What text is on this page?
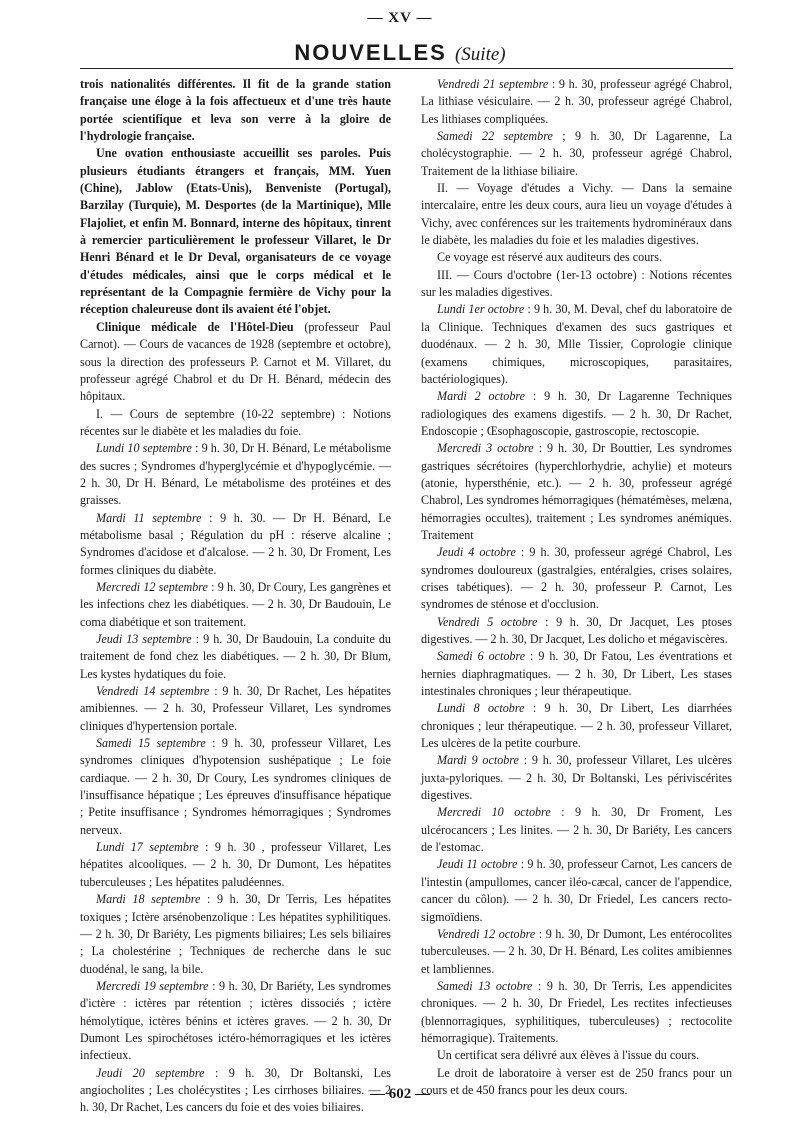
— XV —
NOUVELLES (Suite)

trois nationalités différentes. Il fit de la grande station française une éloge à la fois affectueux et d'une très haute portée scientifique et leva son verre à la gloire de l'hydrologie française.

Une ovation enthousiaste accueillit ses paroles. Puis plusieurs étudiants étrangers et français, MM. Yuen (Chine), Jablow (Etats-Unis), Benveniste (Portugal), Barzilay (Turquie), M. Desportes (de la Martinique), Mlle Flajoliet, et enfin M. Bonnard, interne des hôpitaux, tinrent à remercier particulièrement le professeur Villaret, le Dr Henri Bénard et le Dr Deval, organisateurs de ce voyage d'études médicales, ainsi que le corps médical et le représentant de la Compagnie fermière de Vichy pour la réception chaleureuse dont ils avaient été l'objet.

Clinique médicale de l'Hôtel-Dieu (professeur Paul Carnot). — Cours de vacances de 1928 (septembre et octobre), sous la direction des professeurs P. Carnot et M. Villaret, du professeur agrégé Chabrol et du Dr H. Bénard, médecin des hôpitaux.

I. — Cours de septembre (10-22 septembre) : Notions récentes sur le diabète et les maladies du foie.

Lundi 10 septembre : 9 h. 30, Dr H. Bénard, Le métabolisme des sucres ; Syndromes d'hyperglycémie et d'hypoglycémie. — 2 h. 30, Dr H. Bénard, Le métabolisme des protéines et des graisses.

Mardi 11 septembre : 9 h. 30. — Dr H. Bénard, Le métabolisme basal ; Régulation du pH : réserve alcaline ; Syndromes d'acidose et d'alcalose. — 2 h. 30, Dr Froment, Les formes cliniques du diabète.

Mercredi 12 septembre : 9 h. 30, Dr Coury, Les gangrènes et les infections chez les diabétiques. — 2 h. 30, Dr Baudouin, Le coma diabétique et son traitement.

Jeudi 13 septembre : 9 h. 30, Dr Baudouin, La conduite du traitement de fond chez les diabétiques. — 2 h. 30, Dr Blum, Les kystes hydatiques du foie.

Vendredi 14 septembre : 9 h. 30, Dr Rachet, Les hépatites amibiennes. — 2 h. 30, Professeur Villaret, Les syndromes cliniques d'hypertension portale.

Samedi 15 septembre : 9 h. 30, professeur Villaret, Les syndromes cliniques d'hypotension sushépatique ; Le foie cardiaque. — 2 h. 30, Dr Coury, Les syndromes cliniques de l'insuffisance hépatique ; Les épreuves d'insuffisance hépatique ; Petite insuffisance ; Syndromes hémorragiques ; Syndromes nerveux.

Lundi 17 septembre : 9 h. 30 , professeur Villaret, Les hépatites alcooliques. — 2 h. 30, Dr Dumont, Les hépatites tuberculeuses ; Les hépatites paludéennes.

Mardi 18 septembre : 9 h. 30, Dr Terris, Les hépatites toxiques ; Ictère arsénobenzolique : Les hépatites syphilitiques. — 2 h. 30, Dr Bariéty, Les pigments biliaires; Les sels biliaires ; La cholestérine ; Techniques de recherche dans le suc duodénal, le sang, la bile.

Mercredi 19 septembre : 9 h. 30, Dr Bariéty, Les syndromes d'ictère : ictères par rétention ; ictères dissociés ; ictère hémolytique, ictères bénins et ictères graves. — 2 h. 30, Dr Dumont Les spirochétoses ictéro-hémorragiques et les ictères infectieux.

Jeudi 20 septembre : 9 h. 30, Dr Boltanski, Les angiocholites ; Les cholécystites ; Les cirrhoses biliaires. — 2 h. 30, Dr Rachet, Les cancers du foie et des voies biliaires.

Vendredi 21 septembre : 9 h. 30, professeur agrégé Chabrol, La lithiase vésiculaire. — 2 h. 30, professeur agrégé Chabrol, Les lithiases compliquées.

Samedi 22 septembre ; 9 h. 30, Dr Lagarenne, La cholécystographie. — 2 h. 30, professeur agrégé Chabrol, Traitement de la lithiase biliaire.

II. — Voyage d'études a Vichy. — Dans la semaine intercalaire, entre les deux cours, aura lieu un voyage d'études à Vichy, avec conférences sur les traitements hydrominéraux dans le diabète, les maladies du foie et les maladies digestives.

Ce voyage est réservé aux auditeurs des cours.

III. — Cours d'octobre (1er-13 octobre) : Notions récentes sur les maladies digestives.

Lundi 1er octobre : 9 h. 30, M. Deval, chef du laboratoire de la Clinique. Techniques d'examen des sucs gastriques et duodénaux. — 2 h. 30, Mlle Tissier, Coprologie clinique (examens chimiques, microscopiques, parasitaires, bactériologiques).

Mardi 2 octobre : 9 h. 30, Dr Lagarenne Techniques radiologiques des examens digestifs. — 2 h. 30, Dr Rachet, Endoscopie ; Œsophagoscopie, gastroscopie, rectoscopie.

Mercredi 3 octobre : 9 h. 30, Dr Bouttier, Les syndromes gastriques sécrétoires (hyperchlorhydrie, achylie) et moteurs (atonie, hypersthénie, etc.). — 2 h. 30, professeur agrégé Chabrol, Les syndromes hémorragiques (hématémèses, melæna, hémorragies occultes), traitement ; Les syndromes anémiques. Traitement

Jeudi 4 octobre : 9 h. 30, professeur agrégé Chabrol, Les syndromes douloureux (gastralgies, entéralgies, crises solaires, crises tabétiques). — 2 h. 30, professeur P. Carnot, Les syndromes de sténose et d'occlusion.

Vendredi 5 octobre : 9 h. 30, Dr Jacquet, Les ptoses digestives. — 2 h. 30, Dr Jacquet, Les dolicho et mégaviscères.

Samedi 6 octobre : 9 h. 30, Dr Fatou, Les éventrations et hernies diaphragmatiques. — 2 h. 30, Dr Libert, Les stases intestinales chroniques ; leur thérapeutique.

Lundi 8 octobre : 9 h. 30, Dr Libert, Les diarrhées chroniques ; leur thérapeutique. — 2 h. 30, professeur Villaret, Les ulcères de la petite courbure.

Mardi 9 octobre : 9 h. 30, professeur Villaret, Les ulcères juxta-pyloriques. — 2 h. 30, Dr Boltanski, Les périviscérites digestives.

Mercredi 10 octobre : 9 h. 30, Dr Froment, Les ulcérocancers ; Les linites. — 2 h. 30, Dr Bariéty, Les cancers de l'estomac.

Jeudi 11 octobre : 9 h. 30, professeur Carnot, Les cancers de l'intestin (ampullomes, cancer iléo-cæcal, cancer de l'appendice, cancer du côlon). — 2 h. 30, Dr Friedel, Les cancers recto-sigmoïdiens.

Vendredi 12 octobre : 9 h. 30, Dr Dumont, Les entérocolites tuberculeuses. — 2 h. 30, Dr H. Bénard, Les colites amibiennes et lambliennes.

Samedi 13 octobre : 9 h. 30, Dr Terris, Les appendicites chroniques. — 2 h. 30, Dr Friedel, Les rectites infectieuses (blennorragiques, syphilitiques, tuberculeuses) ; rectocolite hémorragique). Traitements.

Un certificat sera délivré aux élèves à l'issue du cours.

Le droit de laboratoire à verser est de 250 francs pour un cours et de 450 francs pour les deux cours.

— 602 —
